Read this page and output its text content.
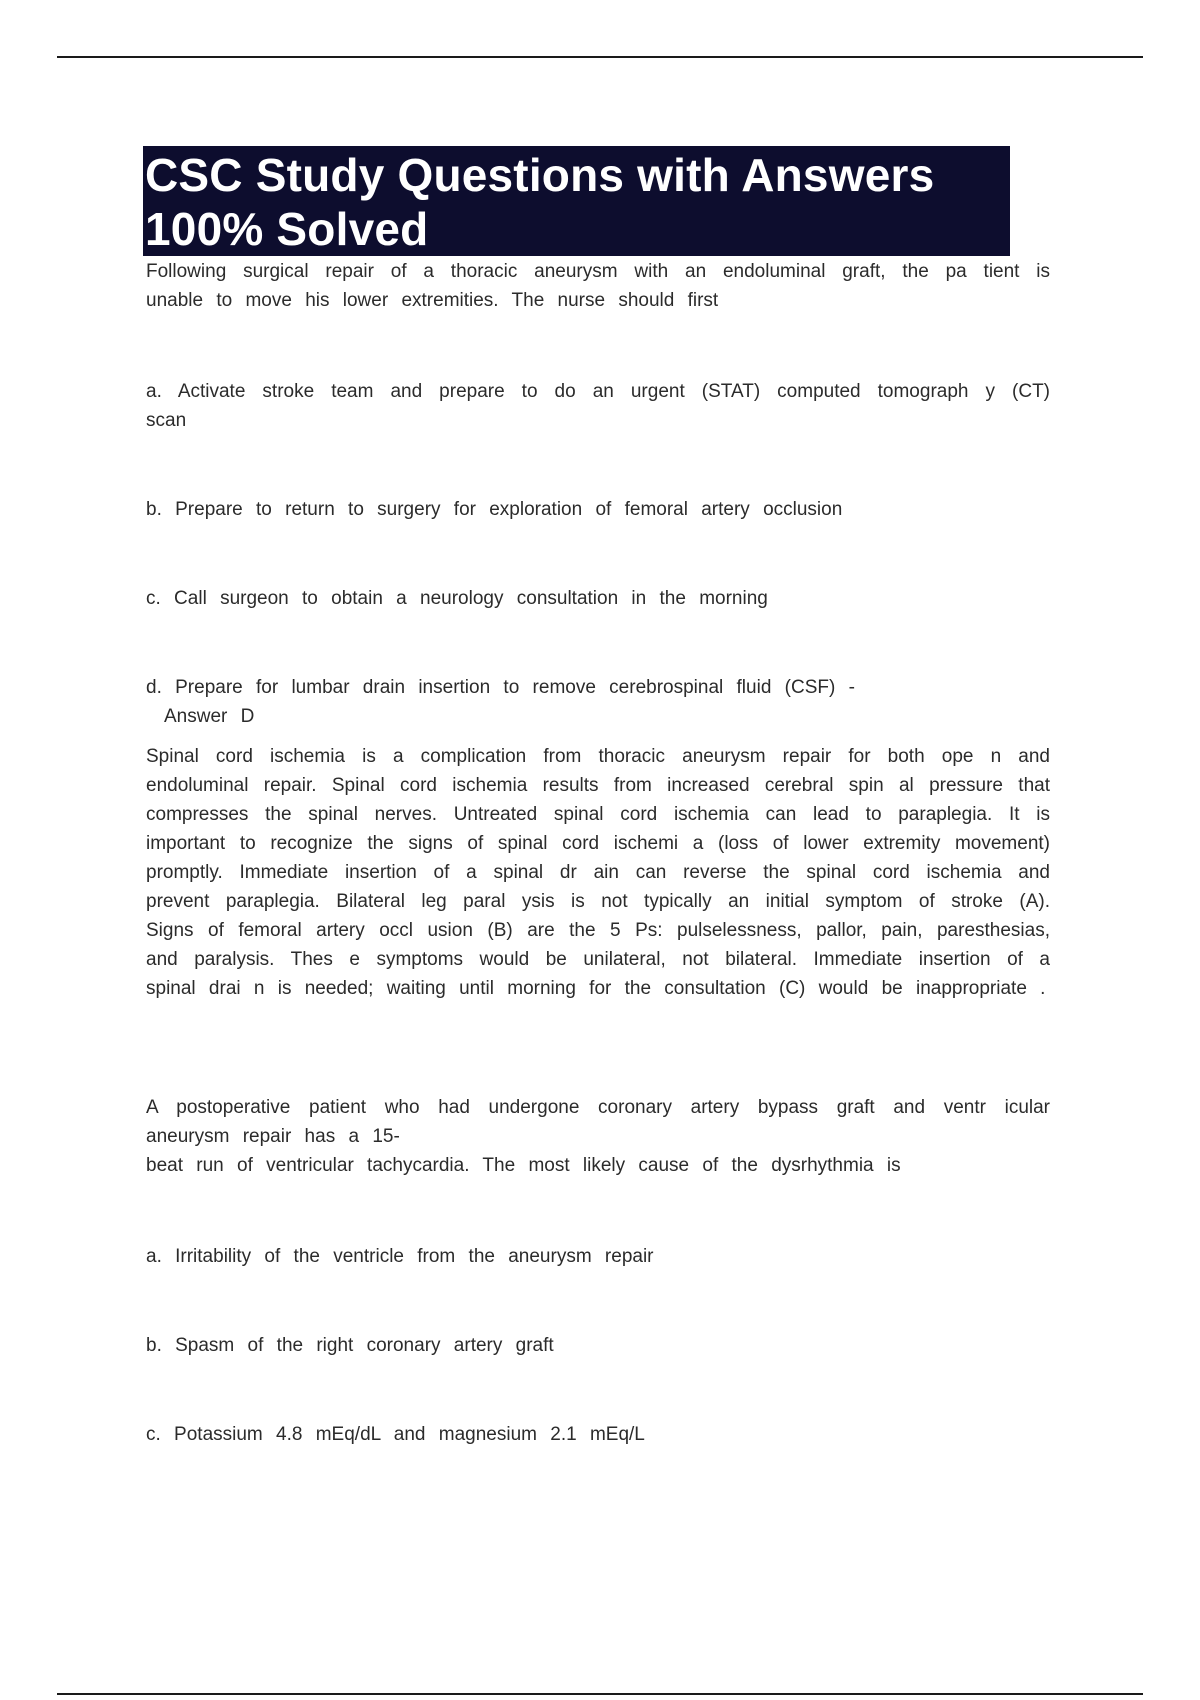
CSC Study Questions with Answers
100% Solved

Following surgical repair of a thoracic aneurysm with an endoluminal graft, the pa tient is unable to move his lower extremities. The nurse should first

a. Activate stroke team and prepare to do an urgent (STAT) computed tomograph y (CT) scan

b. Prepare to return to surgery for exploration of femoral artery occlusion

c. Call surgeon to obtain a neurology consultation in the morning

d. Prepare for lumbar drain insertion to remove cerebrospinal fluid (CSF) -

Answer D

Spinal cord ischemia is a complication from thoracic aneurysm repair for both ope n and endoluminal repair. Spinal cord ischemia results from increased cerebral spin al pressure that compresses the spinal nerves. Untreated spinal cord ischemia can lead to paraplegia. It is important to recognize the signs of spinal cord ischemi a (loss of lower extremity movement) promptly. Immediate insertion of a spinal dr ain can reverse the spinal cord ischemia and prevent paraplegia. Bilateral leg paral ysis is not typically an initial symptom of stroke (A). Signs of femoral artery occl usion (B) are the 5 Ps: pulselessness, pallor, pain, paresthesias, and paralysis. Thes e symptoms would be unilateral, not bilateral. Immediate insertion of a spinal drai n is needed; waiting until morning for the consultation (C) would be inappropriate .

A postoperative patient who had undergone coronary artery bypass graft and ventr icular aneurysm repair has a 15-

beat run of ventricular tachycardia. The most likely cause of the dysrhythmia is

a. Irritability of the ventricle from the aneurysm repair

b. Spasm of the right coronary artery graft

c. Potassium 4.8 mEq/dL and magnesium 2.1 mEq/L
